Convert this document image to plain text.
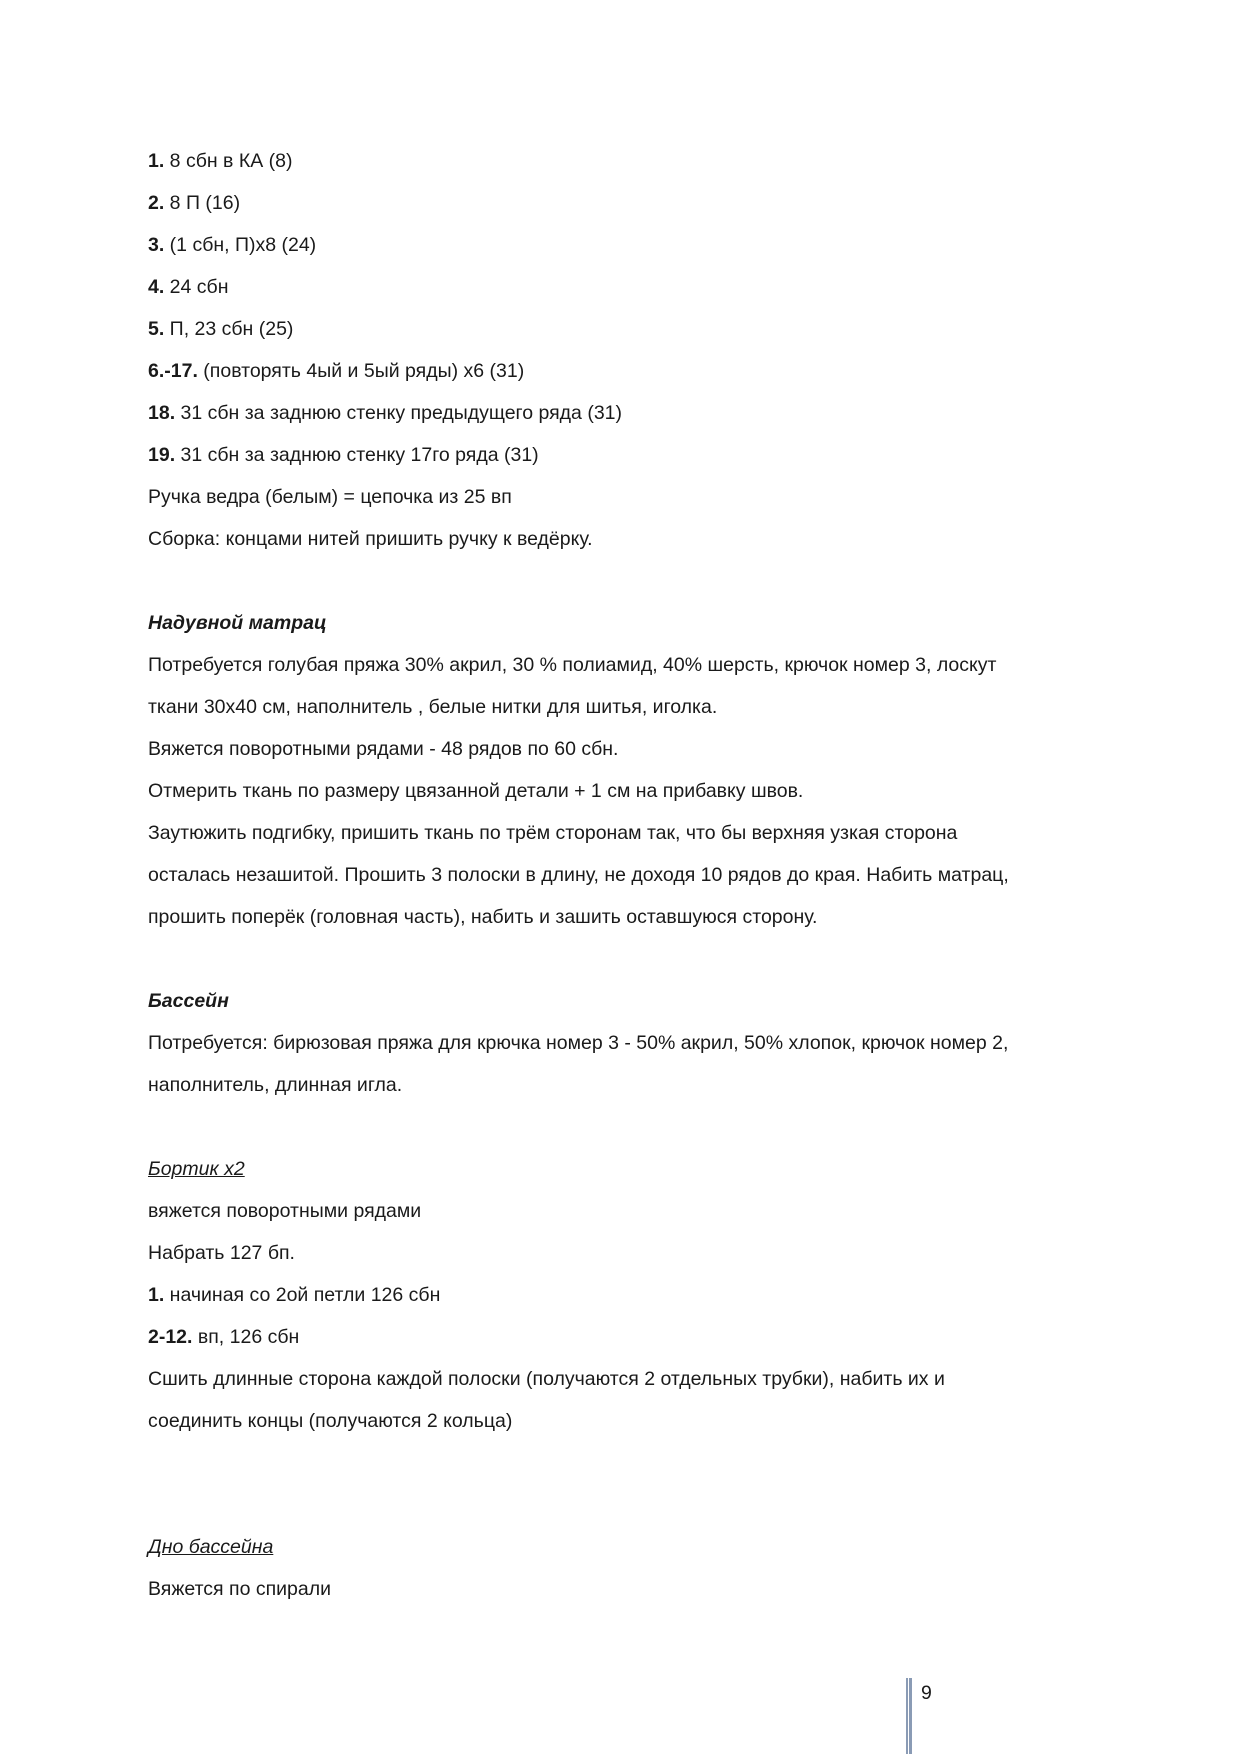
1. 8 сбн в КА (8)
2. 8 П (16)
3. (1 сбн, П)х8 (24)
4. 24 сбн
5. П, 23 сбн (25)
6.-17. (повторять 4ый и 5ый ряды) х6 (31)
18. 31 сбн за заднюю стенку предыдущего ряда (31)
19. 31 сбн за заднюю стенку 17го ряда (31)
Ручка ведра (белым) = цепочка из 25 вп
Сборка: концами нитей пришить ручку к ведёрку.
Надувной матрац
Потребуется голубая пряжа 30% акрил, 30 % полиамид, 40% шерсть, крючок номер 3, лоскут
ткани 30х40 см, наполнитель , белые нитки для шитья, иголка.
Вяжется поворотными рядами - 48 рядов по 60 сбн.
Отмерить ткань по размеру цвязанной детали + 1 см на прибавку швов.
Заутюжить подгибку, пришить ткань по трём сторонам так, что бы верхняя узкая сторона
осталась незашитой. Прошить 3 полоски в длину, не доходя 10 рядов до края. Набить матрац,
прошить поперёк (головная часть), набить и зашить оставшуюся сторону.
Бассейн
Потребуется: бирюзовая пряжа для крючка номер 3 - 50% акрил, 50% хлопок, крючок номер 2,
наполнитель, длинная игла.
Бортик х2
вяжется поворотными рядами
Набрать 127 бп.
1. начиная со 2ой петли 126 сбн
2-12. вп, 126 сбн
Сшить длинные сторона каждой полоски (получаются 2 отдельных трубки), набить их и
соединить концы (получаются 2 кольца)
Дно бассейна
Вяжется по спирали
9
